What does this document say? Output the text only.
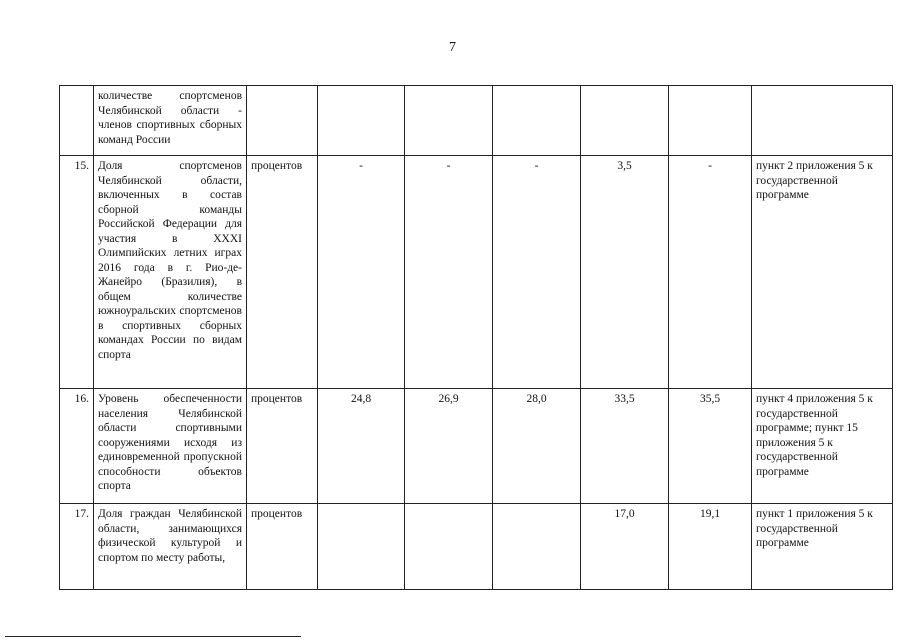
7
	количестве спортсменов Челябинской области - членов спортивных сборных команд России							
15.	Доля спортсменов Челябинской области, включенных в состав сборной команды Российской Федерации для участия в XXXI Олимпийских летних играх 2016 года в г. Рио-де-Жанейро (Бразилия), в общем количестве южноуральских спортсменов в спортивных сборных командах России по видам спорта	процентов	-	-	-	3,5	-	пункт 2 приложения 5 к государственной программе
16.	Уровень обеспеченности населения Челябинской области спортивными сооружениями исходя из единовременной пропускной способности объектов спорта	процентов	24,8	26,9	28,0	33,5	35,5	пункт 4 приложения 5 к государственной программе; пункт 15 приложения 5 к государственной программе
17.	Доля граждан Челябинской области, занимающихся физической культурой и спортом по месту работы,	процентов				17,0	19,1	пункт 1 приложения 5 к государственной программе
